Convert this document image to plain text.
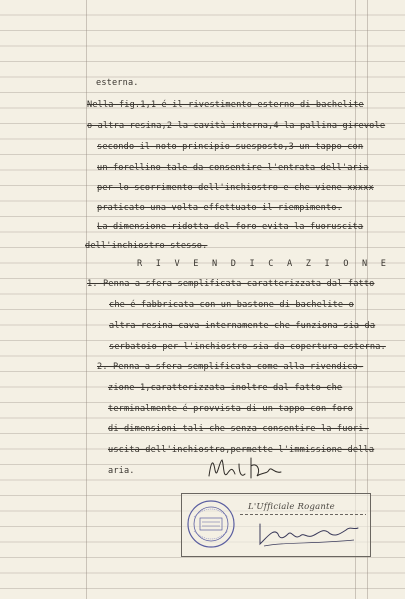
esterna.
Nella fig.1,1 é il rivestimento esterno di bachelite
o altra resina,2 la cavità interna,4 la pallina girevole
secondo il noto principio suesposto,3 un tappo con
un forellino tale da consentire l'entrata dell'aria
per lo scorrimento dell'inchiostro e che viene xxxxx
praticato una volta effettuato il riempimento.
La dimensione ridotta del foro evita la fuoruscita
dell'inchiostro stesso.
R I V E N D I C A Z I O N E
1. Penna a sfera semplificata caratterizzata dal fatto
che é fabbricata con un bastone di bachelite o
altra resina cava internamente che funziona sia da
serbatoio per l'inchiostro sia da copertura esterna.
2. Penna a sfera semplificata come alla rivendica-
zione 1,caratterizzata inoltre dal fatto che
terminalmente é provvista di un tappo con foro
di dimensioni tali che senza consentire la fuori-
uscita dell'inchiostro,permette l'immissione della
aria.
L'Ufficiale Rogante
